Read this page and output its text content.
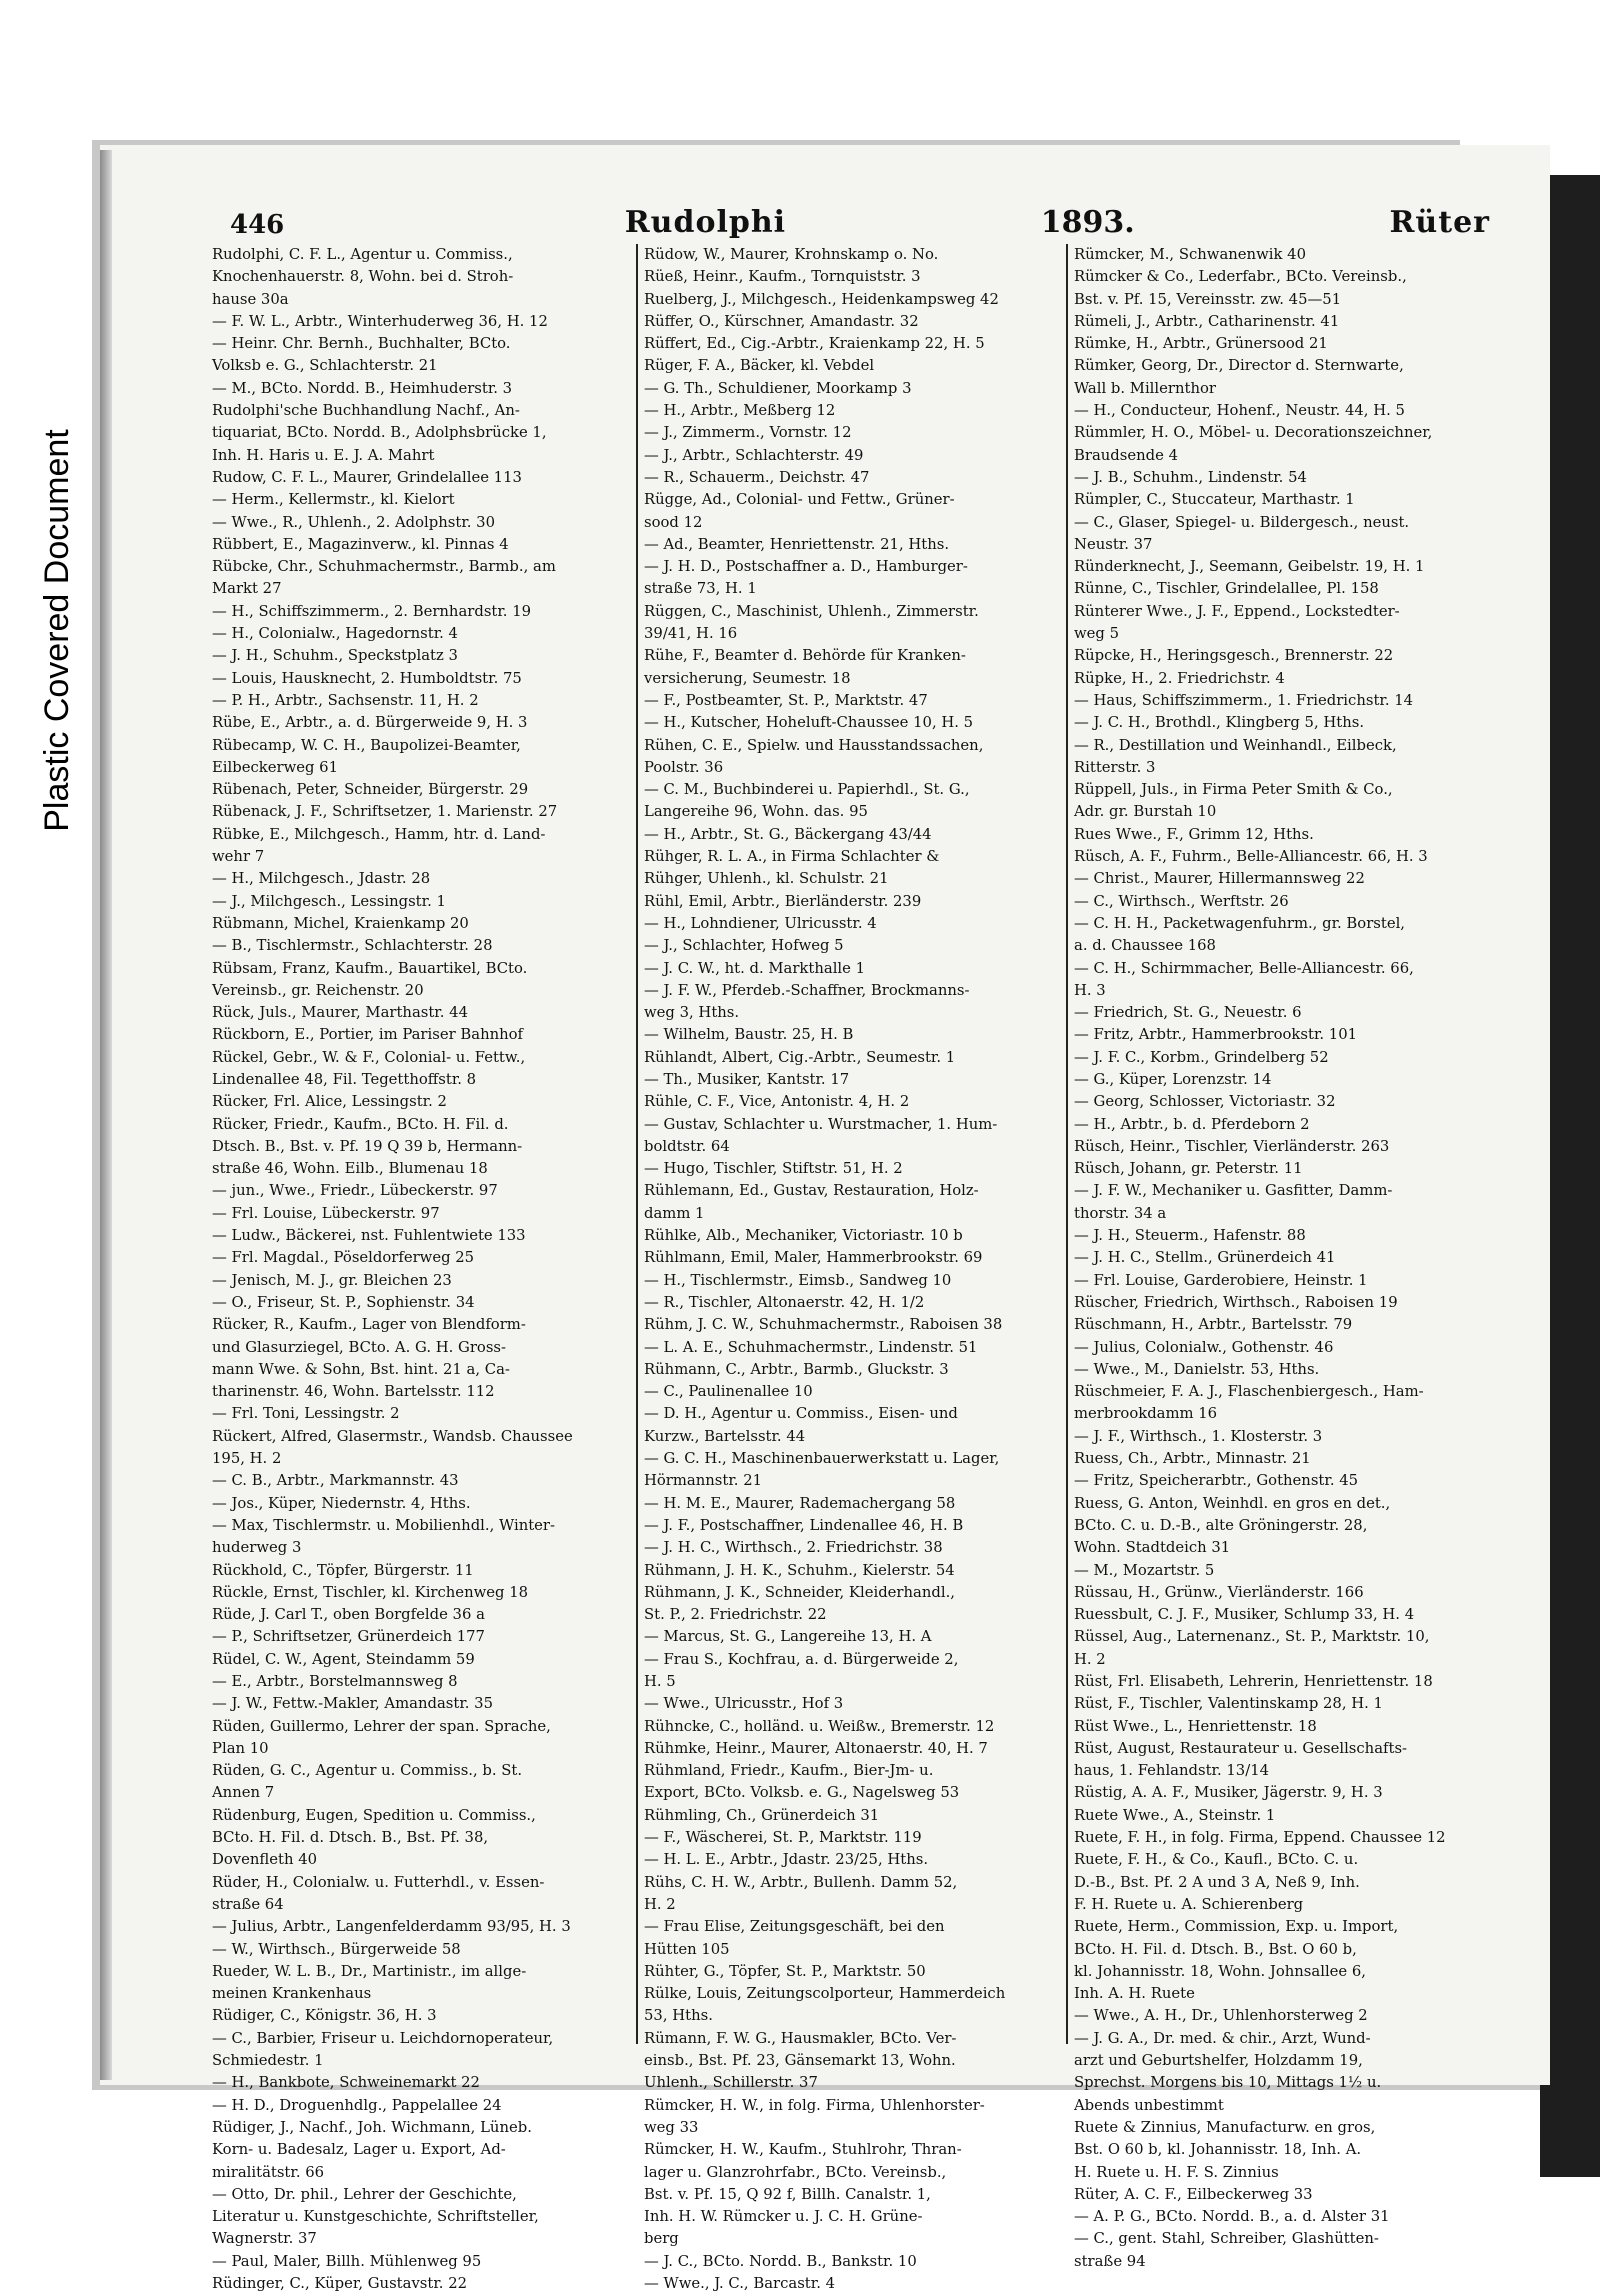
Plastic Covered Document
446	Rudolphi	1893.	Rüter
Rudolphi, C. F. L., Agentur u. Commiss.,
Knochenhauerstr. 8, Wohn. bei d. Stroh-
hause 30a
— F. W. L., Arbtr., Winterhuderweg 36, H. 12
— Heinr. Chr. Bernh., Buchhalter, BCto.
Volksb e. G., Schlachterstr. 21
— M., BCto. Nordd. B., Heimhuderstr. 3
Rudolphi'sche Buchhandlung Nachf., An-
tiquariat, BCto. Nordd. B., Adolphsbrücke 1,
Inh. H. Haris u. E. J. A. Mahrt
Rudow, C. F. L., Maurer, Grindelallee 113
— Herm., Kellermstr., kl. Kielort
— Wwe., R., Uhlenh., 2. Adolphstr. 30
Rübbert, E., Magazinverw., kl. Pinnas 4
Rübcke, Chr., Schuhmachermstr., Barmb., am
Markt 27
— H., Schiffszimmerm., 2. Bernhardstr. 19
— H., Colonialw., Hagedornstr. 4
— J. H., Schuhm., Speckstplatz 3
— Louis, Hausknecht, 2. Humboldtstr. 75
— P. H., Arbtr., Sachsenstr. 11, H. 2
Rübe, E., Arbtr., a. d. Bürgerweide 9, H. 3
Rübecamp, W. C. H., Baupolizei-Beamter,
Eilbeckerweg 61
Rübenach, Peter, Schneider, Bürgerstr. 29
Rübenack, J. F., Schriftsetzer, 1. Marienstr. 27
Rübke, E., Milchgesch., Hamm, htr. d. Land-
wehr 7
— H., Milchgesch., Jdastr. 28
— J., Milchgesch., Lessingstr. 1
Rübmann, Michel, Kraienkamp 20
— B., Tischlermstr., Schlachterstr. 28
Rübsam, Franz, Kaufm., Bauartikel, BCto.
Vereinsb., gr. Reichenstr. 20
Rück, Juls., Maurer, Marthastr. 44
Rückborn, E., Portier, im Pariser Bahnhof
Rückel, Gebr., W. & F., Colonial- u. Fettw.,
Lindenallee 48, Fil. Tegetthoffstr. 8
Rücker, Frl. Alice, Lessingstr. 2
Rücker, Friedr., Kaufm., BCto. H. Fil. d.
Dtsch. B., Bst. v. Pf. 19 Q 39 b, Hermann-
straße 46, Wohn. Eilb., Blumenau 18
— jun., Wwe., Friedr., Lübeckerstr. 97
— Frl. Louise, Lübeckerstr. 97
— Ludw., Bäckerei, nst. Fuhlentwiete 133
— Frl. Magdal., Pöseldorferweg 25
— Jenisch, M. J., gr. Bleichen 23
— O., Friseur, St. P., Sophienstr. 34
Rücker, R., Kaufm., Lager von Blendform-
und Glasurziegel, BCto. A. G. H. Gross-
mann Wwe. & Sohn, Bst. hint. 21 a, Ca-
tharinenstr. 46, Wohn. Bartelsstr. 112
— Frl. Toni, Lessingstr. 2
Rückert, Alfred, Glasermstr., Wandsb. Chaussee
195, H. 2
— C. B., Arbtr., Markmannstr. 43
— Jos., Küper, Niedernstr. 4, Hths.
— Max, Tischlermstr. u. Mobilienhdl., Winter-
huderweg 3
Rückhold, C., Töpfer, Bürgerstr. 11
Rückle, Ernst, Tischler, kl. Kirchenweg 18
Rüde, J. Carl T., oben Borgfelde 36 a
— P., Schriftsetzer, Grünerdeich 177
Rüdel, C. W., Agent, Steindamm 59
— E., Arbtr., Borstelmannsweg 8
— J. W., Fettw.-Makler, Amandastr. 35
Rüden, Guillermo, Lehrer der span. Sprache,
Plan 10
Rüden, G. C., Agentur u. Commiss., b. St.
Annen 7
Rüdenburg, Eugen, Spedition u. Commiss.,
BCto. H. Fil. d. Dtsch. B., Bst. Pf. 38,
Dovenfleth 40
Rüder, H., Colonialw. u. Futterhdl., v. Essen-
straße 64
— Julius, Arbtr., Langenfelderdamm 93/95, H. 3
— W., Wirthsch., Bürgerweide 58
Rueder, W. L. B., Dr., Martinistr., im allge-
meinen Krankenhaus
Rüdiger, C., Königstr. 36, H. 3
— C., Barbier, Friseur u. Leichdornoperateur,
Schmiedestr. 1
— H., Bankbote, Schweinemarkt 22
— H. D., Droguenhdlg., Pappelallee 24
Rüdiger, J., Nachf., Joh. Wichmann, Lüneb.
Korn- u. Badesalz, Lager u. Export, Ad-
miralitätstr. 66
— Otto, Dr. phil., Lehrer der Geschichte,
Literatur u. Kunstgeschichte, Schriftsteller,
Wagnerstr. 37
— Paul, Maler, Billh. Mühlenweg 95
Rüdinger, C., Küper, Gustavstr. 22
Rüdow, W., Maurer, Krohnskamp o. No.
Rüeß, Heinr., Kaufm., Tornquiststr. 3
Ruelberg, J., Milchgesch., Heidenkampsweg 42
Rüffer, O., Kürschner, Amandastr. 32
Rüffert, Ed., Cig.-Arbtr., Kraienkamp 22, H. 5
Rüger, F. A., Bäcker, kl. Vebdel
— G. Th., Schuldiener, Moorkamp 3
— H., Arbtr., Meßberg 12
— J., Zimmerm., Vornstr. 12
— J., Arbtr., Schlachterstr. 49
— R., Schauerm., Deichstr. 47
Rügge, Ad., Colonial- und Fettw., Grüner-
sood 12
— Ad., Beamter, Henriettenstr. 21, Hths.
— J. H. D., Postschaffner a. D., Hamburger-
straße 73, H. 1
Rüggen, C., Maschinist, Uhlenh., Zimmerstr.
39/41, H. 16
Rühe, F., Beamter d. Behörde für Kranken-
versicherung, Seumestr. 18
— F., Postbeamter, St. P., Marktstr. 47
— H., Kutscher, Hoheluft-Chaussee 10, H. 5
Rühen, C. E., Spielw. und Hausstandssachen,
Poolstr. 36
— C. M., Buchbinderei u. Papierhdl., St. G.,
Langereihe 96, Wohn. das. 95
— H., Arbtr., St. G., Bäckergang 43/44
Rühger, R. L. A., in Firma Schlachter &
Rühger, Uhlenh., kl. Schulstr. 21
Rühl, Emil, Arbtr., Bierländerstr. 239
— H., Lohndiener, Ulricusstr. 4
— J., Schlachter, Hofweg 5
— J. C. W., ht. d. Markthalle 1
— J. F. W., Pferdeb.-Schaffner, Brockmanns-
weg 3, Hths.
— Wilhelm, Baustr. 25, H. B
Rühlandt, Albert, Cig.-Arbtr., Seumestr. 1
— Th., Musiker, Kantstr. 17
Rühle, C. F., Vice, Antonistr. 4, H. 2
— Gustav, Schlachter u. Wurstmacher, 1. Hum-
boldtstr. 64
— Hugo, Tischler, Stiftstr. 51, H. 2
Rühlemann, Ed., Gustav, Restauration, Holz-
damm 1
Rühlke, Alb., Mechaniker, Victoriastr. 10 b
Rühlmann, Emil, Maler, Hammerbrookstr. 69
— H., Tischlermstr., Eimsb., Sandweg 10
— R., Tischler, Altonaerstr. 42, H. 1/2
Rühm, J. C. W., Schuhmachermstr., Raboisen 38
— L. A. E., Schuhmachermstr., Lindenstr. 51
Rühmann, C., Arbtr., Barmb., Gluckstr. 3
— C., Paulinenallee 10
— D. H., Agentur u. Commiss., Eisen- und
Kurzw., Bartelsstr. 44
— G. C. H., Maschinenbauerwerkstatt u. Lager,
Hörmannstr. 21
— H. M. E., Maurer, Rademachergang 58
— J. F., Postschaffner, Lindenallee 46, H. B
— J. H. C., Wirthsch., 2. Friedrichstr. 38
Rühmann, J. H. K., Schuhm., Kielerstr. 54
Rühmann, J. K., Schneider, Kleiderhandl.,
St. P., 2. Friedrichstr. 22
— Marcus, St. G., Langereihe 13, H. A
— Frau S., Kochfrau, a. d. Bürgerweide 2,
H. 5
— Wwe., Ulricusstr., Hof 3
Rühncke, C., holländ. u. Weißw., Bremerstr. 12
Rühmke, Heinr., Maurer, Altonaerstr. 40, H. 7
Rühmland, Friedr., Kaufm., Bier-Jm- u.
Export, BCto. Volksb. e. G., Nagelsweg 53
Rühmling, Ch., Grünerdeich 31
— F., Wäscherei, St. P., Marktstr. 119
— H. L. E., Arbtr., Jdastr. 23/25, Hths.
Rühs, C. H. W., Arbtr., Bullenh. Damm 52,
H. 2
— Frau Elise, Zeitungsgeschäft, bei den
Hütten 105
Rühter, G., Töpfer, St. P., Marktstr. 50
Rülke, Louis, Zeitungscolporteur, Hammerdeich
53, Hths.
Rümann, F. W. G., Hausmakler, BCto. Ver-
einsb., Bst. Pf. 23, Gänsemarkt 13, Wohn.
Uhlenh., Schillerstr. 37
Rümcker, H. W., in folg. Firma, Uhlenhorster-
weg 33
Rümcker, H. W., Kaufm., Stuhlrohr, Thran-
lager u. Glanzrohrfabr., BCto. Vereinsb.,
Bst. v. Pf. 15, Q 92 f, Billh. Canalstr. 1,
Inh. H. W. Rümcker u. J. C. H. Grüne-
berg
— J. C., BCto. Nordd. B., Bankstr. 10
— Wwe., J. C., Barcastr. 4
Rümcker, M., Schwanenwik 40
Rümcker & Co., Lederfabr., BCto. Vereinsb.,
Bst. v. Pf. 15, Vereinsstr. zw. 45—51
Rümeli, J., Arbtr., Catharinenstr. 41
Rümke, H., Arbtr., Grünersood 21
Rümker, Georg, Dr., Director d. Sternwarte,
Wall b. Millernthor
— H., Conducteur, Hohenf., Neustr. 44, H. 5
Rümmler, H. O., Möbel- u. Decorationszeichner,
Braudsende 4
— J. B., Schuhm., Lindenstr. 54
Rümpler, C., Stuccateur, Marthastr. 1
— C., Glaser, Spiegel- u. Bildergesch., neust.
Neustr. 37
Ründerknecht, J., Seemann, Geibelstr. 19, H. 1
Rünne, C., Tischler, Grindelallee, Pl. 158
Rünterer Wwe., J. F., Eppend., Lockstedter-
weg 5
Rüpcke, H., Heringsgesch., Brennerstr. 22
Rüpke, H., 2. Friedrichstr. 4
— Haus, Schiffszimmerm., 1. Friedrichstr. 14
— J. C. H., Brothdl., Klingberg 5, Hths.
— R., Destillation und Weinhandl., Eilbeck,
Ritterstr. 3
Rüppell, Juls., in Firma Peter Smith & Co.,
Adr. gr. Burstah 10
Rues Wwe., F., Grimm 12, Hths.
Rüsch, A. F., Fuhrm., Belle-Alliancestr. 66, H. 3
— Christ., Maurer, Hillermannsweg 22
— C., Wirthsch., Werftstr. 26
— C. H. H., Packetwagenfuhrm., gr. Borstel,
a. d. Chaussee 168
— C. H., Schirmmacher, Belle-Alliancestr. 66,
H. 3
— Friedrich, St. G., Neuestr. 6
— Fritz, Arbtr., Hammerbrookstr. 101
— J. F. C., Korbm., Grindelberg 52
— G., Küper, Lorenzstr. 14
— Georg, Schlosser, Victoriastr. 32
— H., Arbtr., b. d. Pferdeborn 2
Rüsch, Heinr., Tischler, Vierländerstr. 263
Rüsch, Johann, gr. Peterstr. 11
— J. F. W., Mechaniker u. Gasfitter, Damm-
thorstr. 34 a
— J. H., Steuerm., Hafenstr. 88
— J. H. C., Stellm., Grünerdeich 41
— Frl. Louise, Garderobiere, Heinstr. 1
Rüscher, Friedrich, Wirthsch., Raboisen 19
Rüschmann, H., Arbtr., Bartelsstr. 79
— Julius, Colonialw., Gothenstr. 46
— Wwe., M., Danielstr. 53, Hths.
Rüschmeier, F. A. J., Flaschenbiergesch., Ham-
merbrookdamm 16
— J. F., Wirthsch., 1. Klosterstr. 3
Ruess, Ch., Arbtr., Minnastr. 21
— Fritz, Speicherarbtr., Gothenstr. 45
Ruess, G. Anton, Weinhdl. en gros en det.,
BCto. C. u. D.-B., alte Gröningerstr. 28,
Wohn. Stadtdeich 31
— M., Mozartstr. 5
Rüssau, H., Grünw., Vierländerstr. 166
Ruessbult, C. J. F., Musiker, Schlump 33, H. 4
Rüssel, Aug., Laternenanz., St. P., Marktstr. 10,
H. 2
Rüst, Frl. Elisabeth, Lehrerin, Henriettenstr. 18
Rüst, F., Tischler, Valentinskamp 28, H. 1
Rüst Wwe., L., Henriettenstr. 18
Rüst, August, Restaurateur u. Gesellschafts-
haus, 1. Fehlandstr. 13/14
Rüstig, A. A. F., Musiker, Jägerstr. 9, H. 3
Ruete Wwe., A., Steinstr. 1
Ruete, F. H., in folg. Firma, Eppend. Chaussee 12
Ruete, F. H., & Co., Kaufl., BCto. C. u.
D.-B., Bst. Pf. 2 A und 3 A, Neß 9, Inh.
F. H. Ruete u. A. Schierenberg
Ruete, Herm., Commission, Exp. u. Import,
BCto. H. Fil. d. Dtsch. B., Bst. O 60 b,
kl. Johannisstr. 18, Wohn. Johnsallee 6,
Inh. A. H. Ruete
— Wwe., A. H., Dr., Uhlenhorsterweg 2
— J. G. A., Dr. med. & chir., Arzt, Wund-
arzt und Geburtshelfer, Holzdamm 19,
Sprechst. Morgens bis 10, Mittags 1½ u.
Abends unbestimmt
Ruete & Zinnius, Manufacturw. en gros,
Bst. O 60 b, kl. Johannisstr. 18, Inh. A.
H. Ruete u. H. F. S. Zinnius
Rüter, A. C. F., Eilbeckerweg 33
— A. P. G., BCto. Nordd. B., a. d. Alster 31
— C., gent. Stahl, Schreiber, Glashütten-
straße 94
